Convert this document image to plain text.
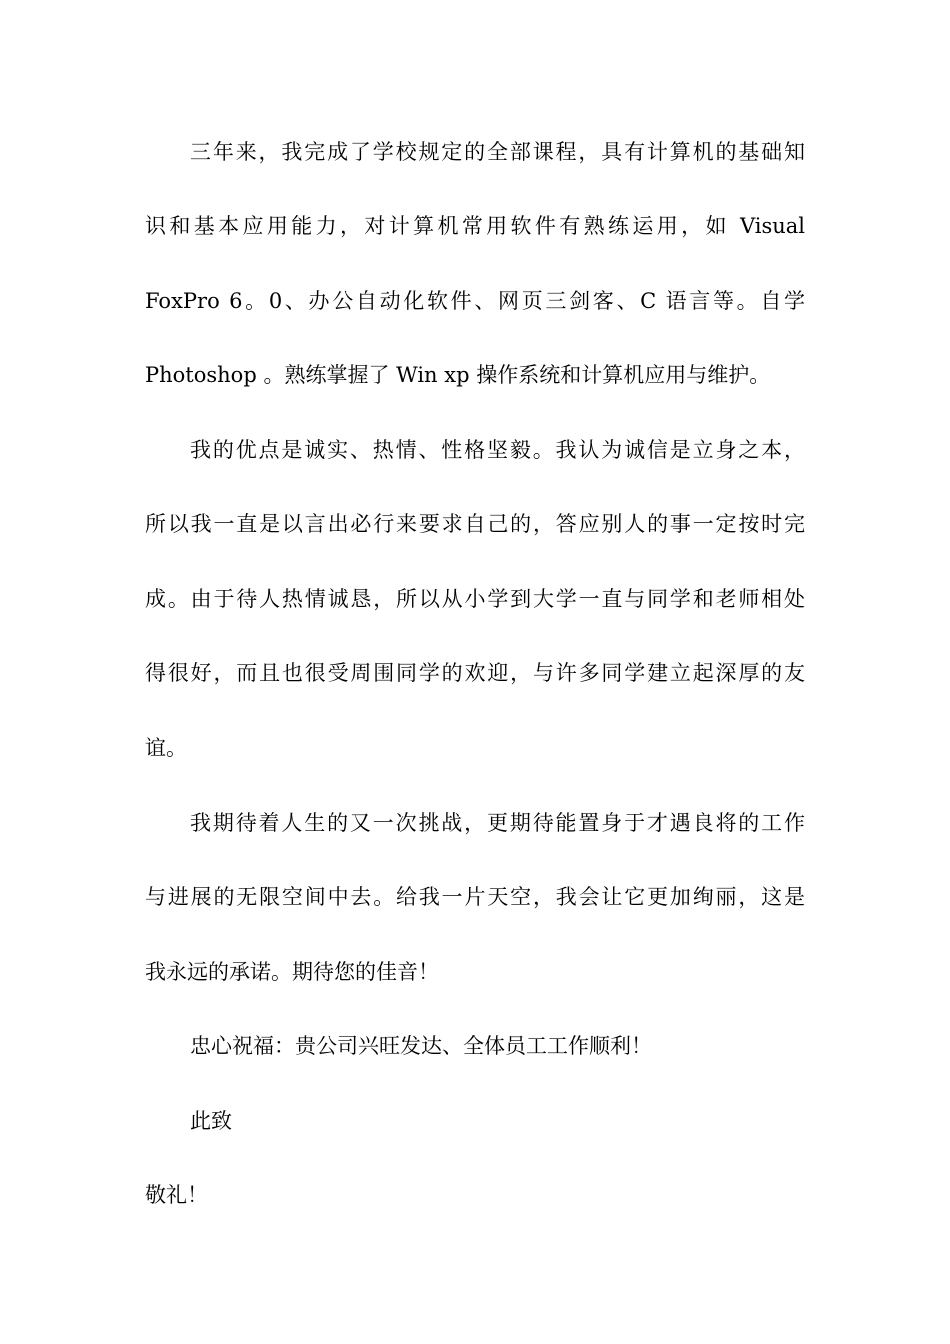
三年来，我完成了学校规定的全部课程，具有计算机的基础知
识和基本应用能力，对计算机常用软件有熟练运用，如 Visual
FoxPro 6。0、办公自动化软件、网页三剑客、C 语言等。自学
Photoshop 。熟练掌握了 Win xp 操作系统和计算机应用与维护。
我的优点是诚实、热情、性格坚毅。我认为诚信是立身之本，
所以我一直是以言出必行来要求自己的，答应别人的事一定按时完
成。由于待人热情诚恳，所以从小学到大学一直与同学和老师相处
得很好，而且也很受周围同学的欢迎，与许多同学建立起深厚的友
谊。
我期待着人生的又一次挑战，更期待能置身于才遇良将的工作
与进展的无限空间中去。给我一片天空，我会让它更加绚丽，这是
我永远的承诺。期待您的佳音！
忠心祝福：贵公司兴旺发达、全体员工工作顺利！
此致
敬礼！
